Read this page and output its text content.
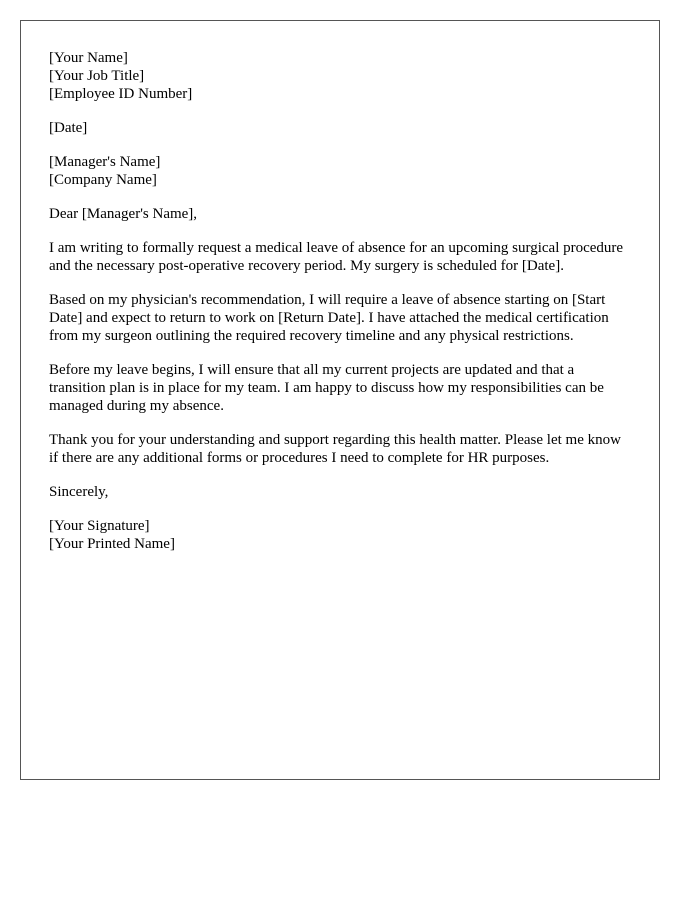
[Your Name]
[Your Job Title]
[Employee ID Number]
[Date]
[Manager's Name]
[Company Name]

Dear [Manager's Name],

I am writing to formally request a medical leave of absence for an upcoming surgical procedure and the necessary post-operative recovery period. My surgery is scheduled for [Date].

Based on my physician's recommendation, I will require a leave of absence starting on [Start Date] and expect to return to work on [Return Date]. I have attached the medical certification from my surgeon outlining the required recovery timeline and any physical restrictions.

Before my leave begins, I will ensure that all my current projects are updated and that a transition plan is in place for my team. I am happy to discuss how my responsibilities can be managed during my absence.

Thank you for your understanding and support regarding this health matter. Please let me know if there are any additional forms or procedures I need to complete for HR purposes.

Sincerely,

[Your Signature]
[Your Printed Name]
